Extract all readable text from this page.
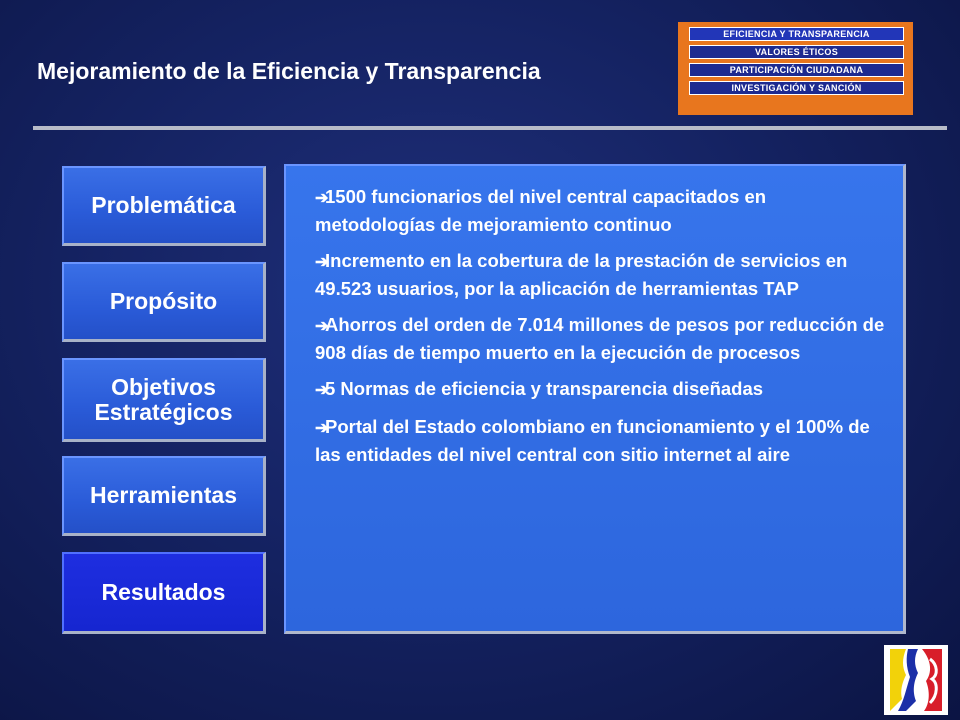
Mejoramiento de la Eficiencia y Transparencia
EFICIENCIA Y TRANSPARENCIA
VALORES ÉTICOS
PARTICIPACIÓN CIUDADANA
INVESTIGACIÓN Y SANCIÓN
Problemática
Propósito
Objetivos
Estratégicos
Herramientas
Resultados
➔1500 funcionarios del nivel central capacitados en metodologías de mejoramiento continuo
➔Incremento en la cobertura de la prestación de servicios en 49.523 usuarios, por la aplicación de herramientas TAP
➔Ahorros del orden de 7.014 millones de pesos por reducción de 908 días de tiempo muerto en la ejecución de procesos
➔5 Normas de eficiencia y transparencia diseñadas
➔Portal del Estado colombiano en funcionamiento y el 100% de las entidades del nivel central con sitio internet al aire
